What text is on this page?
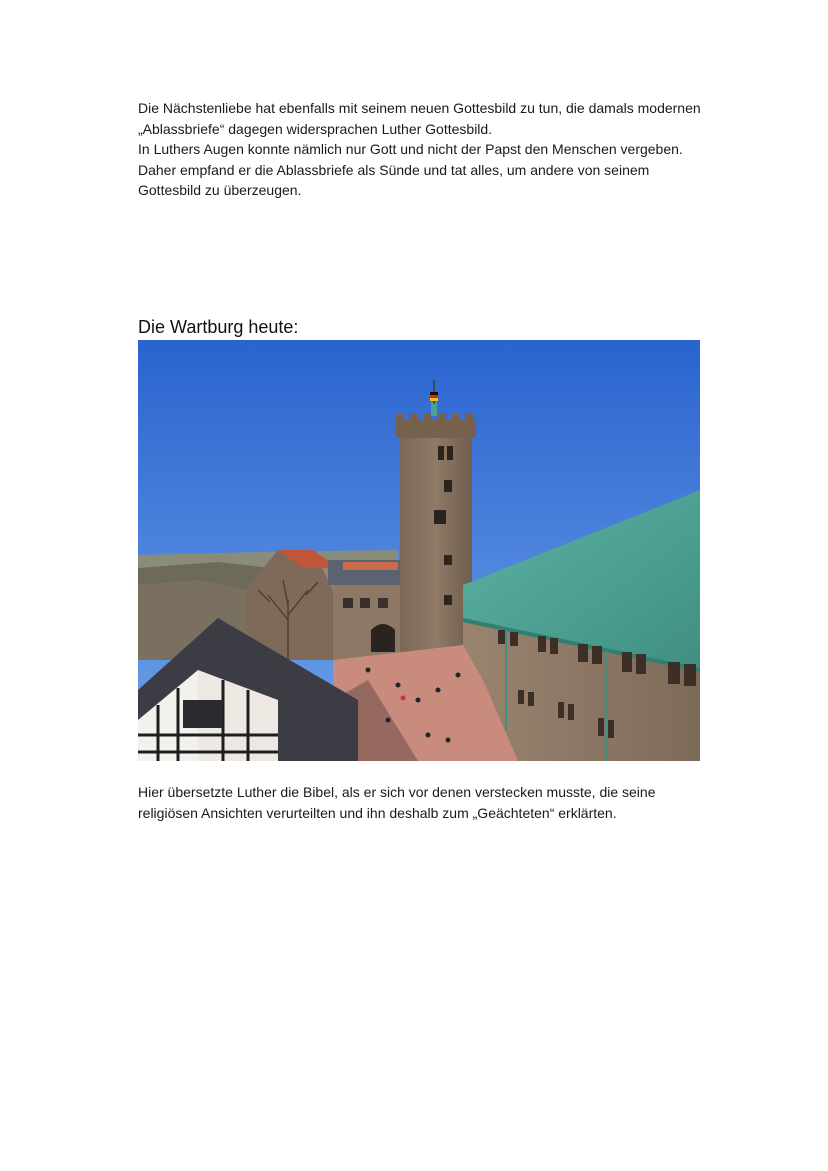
Die Nächstenliebe hat ebenfalls mit seinem neuen Gottesbild zu tun, die damals modernen „Ablassbriefe“ dagegen widersprachen Luther Gottesbild.

In Luthers Augen konnte nämlich nur Gott und nicht der Papst den Menschen vergeben.

Daher empfand er die Ablassbriefe als Sünde und tat alles, um andere von seinem Gottesbild zu überzeugen.

Die Wartburg heute:

Hier übersetzte Luther die Bibel, als er sich vor denen verstecken musste, die seine religiösen Ansichten verurteilten und ihn deshalb zum „Geächteten“ erklärten.
